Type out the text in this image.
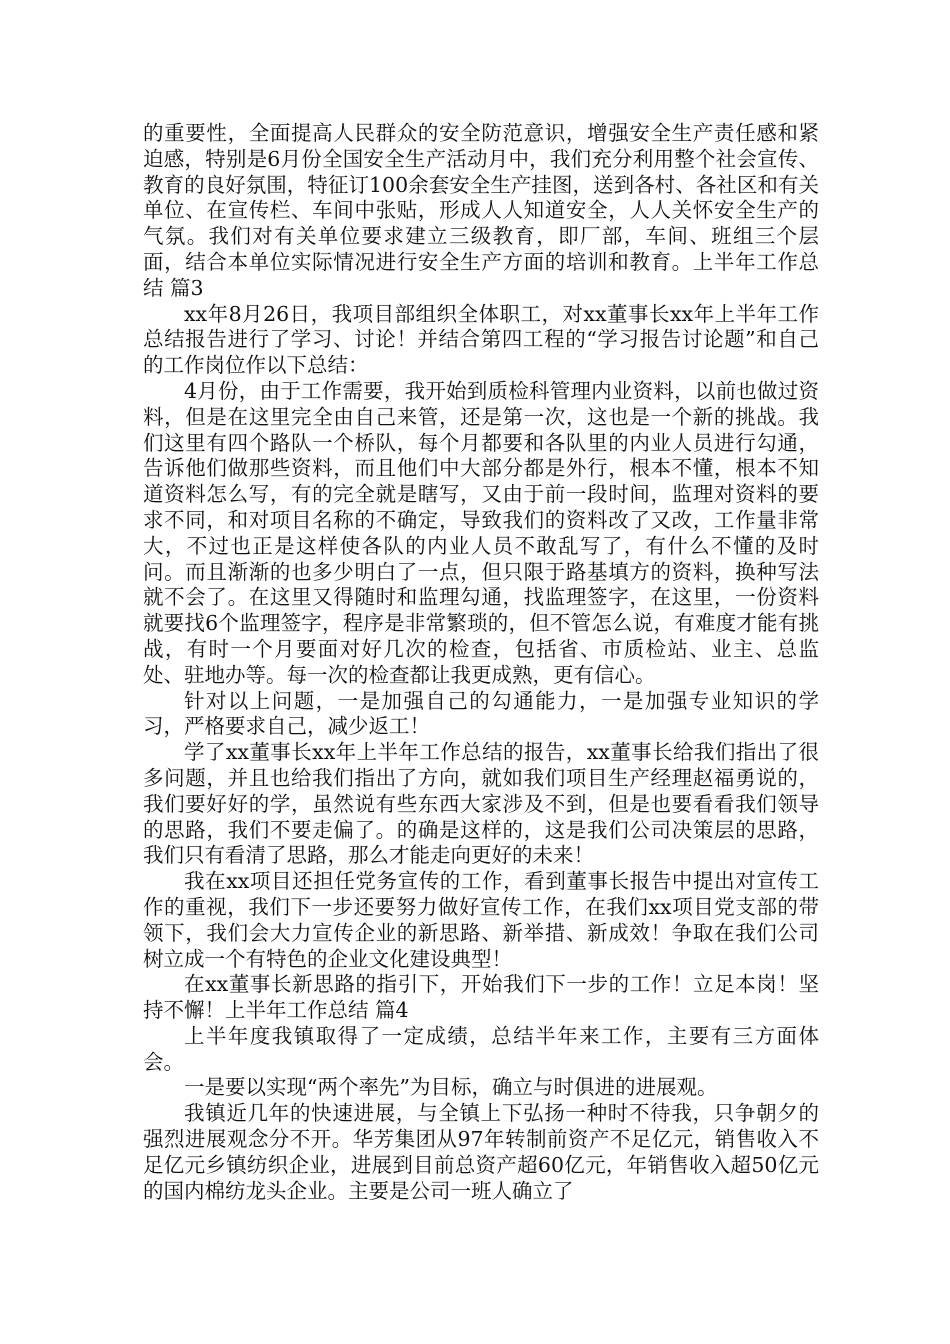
的重要性，全面提高人民群众的安全防范意识，增强安全生产责任感和紧迫感，特别是6月份全国安全生产活动月中，我们充分利用整个社会宣传、教育的良好氛围，特征订100余套安全生产挂图，送到各村、各社区和有关单位、在宣传栏、车间中张贴，形成人人知道安全，人人关怀安全生产的气氛。我们对有关单位要求建立三级教育，即厂部，车间、班组三个层面，结合本单位实际情况进行安全生产方面的培训和教育。上半年工作总结 篇3

xx年8月26日，我项目部组织全体职工，对xx董事长xx年上半年工作总结报告进行了学习、讨论！并结合第四工程的“学习报告讨论题”和自己的工作岗位作以下总结：

4月份，由于工作需要，我开始到质检科管理内业资料，以前也做过资料，但是在这里完全由自己来管，还是第一次，这也是一个新的挑战。我们这里有四个路队一个桥队，每个月都要和各队里的内业人员进行勾通，告诉他们做那些资料，而且他们中大部分都是外行，根本不懂，根本不知道资料怎么写，有的完全就是瞎写，又由于前一段时间，监理对资料的要求不同，和对项目名称的不确定，导致我们的资料改了又改，工作量非常大，不过也正是这样使各队的内业人员不敢乱写了，有什么不懂的及时问。而且渐渐的也多少明白了一点，但只限于路基填方的资料，换种写法就不会了。在这里又得随时和监理勾通，找监理签字，在这里，一份资料就要找6个监理签字，程序是非常繁琐的，但不管怎么说，有难度才能有挑战，有时一个月要面对好几次的检查，包括省、市质检站、业主、总监处、驻地办等。每一次的检查都让我更成熟，更有信心。

针对以上问题，一是加强自己的勾通能力，一是加强专业知识的学习，严格要求自己，减少返工！

学了xx董事长xx年上半年工作总结的报告，xx董事长给我们指出了很多问题，并且也给我们指出了方向，就如我们项目生产经理赵福勇说的，我们要好好的学，虽然说有些东西大家涉及不到，但是也要看看我们领导的思路，我们不要走偏了。的确是这样的，这是我们公司决策层的思路，我们只有看清了思路，那么才能走向更好的未来！

我在xx项目还担任党务宣传的工作，看到董事长报告中提出对宣传工作的重视，我们下一步还要努力做好宣传工作，在我们xx项目党支部的带领下，我们会大力宣传企业的新思路、新举措、新成效！争取在我们公司树立成一个有特色的企业文化建设典型！

在xx董事长新思路的指引下，开始我们下一步的工作！立足本岗！坚持不懈！上半年工作总结 篇4

上半年度我镇取得了一定成绩，总结半年来工作，主要有三方面体会。

一是要以实现“两个率先”为目标，确立与时俱进的进展观。

我镇近几年的快速进展，与全镇上下弘扬一种时不待我，只争朝夕的强烈进展观念分不开。华芳集团从97年转制前资产不足亿元，销售收入不足亿元乡镇纺织企业，进展到目前总资产超60亿元，年销售收入超50亿元的国内棉纺龙头企业。主要是公司一班人确立了
